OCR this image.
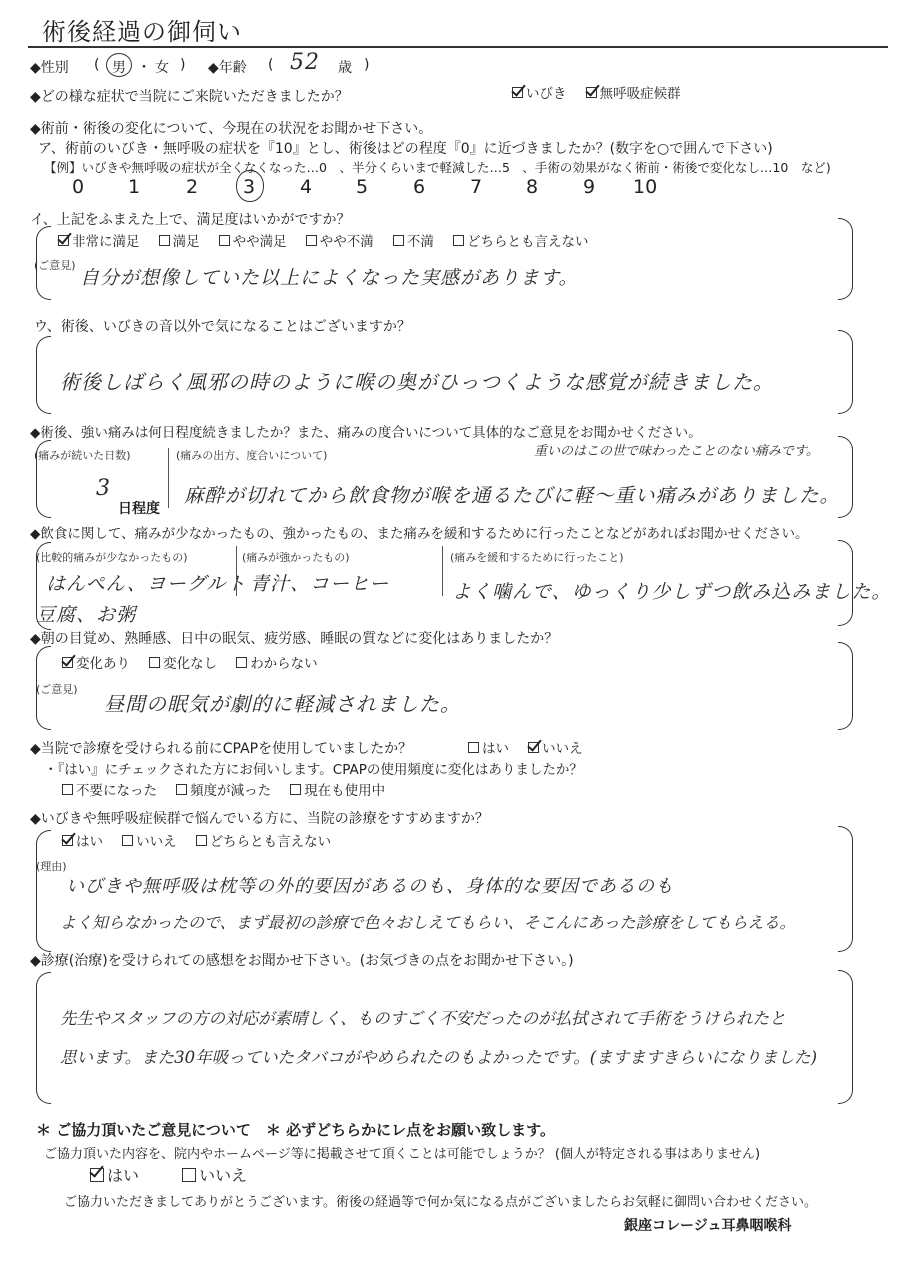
術後経過の御伺い
◆性別 ( 男 ・ 女 ) ◆年齢 ( 52 歳 )
◆どの様な症状で当院にご来院いただきましたか？	いびき
無呼吸症候群
◆術前・術後の変化について、今現在の状況をお聞かせ下さい。
ア、術前のいびき・無呼吸の症状を『10』とし、術後はどの程度『0』に近づきましたか？(数字を○で囲んで下さい)
【例】いびきや無呼吸の症状が全くなくなった…0　、半分くらいまで軽減した…5　、手術の効果がなく術前・術後で変化なし…10　など)
0 1 2 3 4 5 6 7 8 9 10
イ、上記をふまえた上で、満足度はいかがですか？
非常に満足
満足
やや満足
やや不満
不満
どちらとも言えない
(ご意見)
自分が想像していた以上によくなった実感があります。
ウ、術後、いびきの音以外で気になることはございますか？
術後しばらく風邪の時のように喉の奥がひっつくような感覚が続きました。
◆術後、強い痛みは何日程度続きましたか？また、痛みの度合いについて具体的なご意見をお聞かせください。
(痛みが続いた日数)
3
日程度
(痛みの出方、度合いについて)	重いのはこの世で味わったことのない痛みです。
麻酔が切れてから飲食物が喉を通るたびに軽〜重い痛みがありました。
◆飲食に関して、痛みが少なかったもの、強かったもの、また痛みを緩和するために行ったことなどがあればお聞かせください。
(比較的痛みが少なかったもの)
はんぺん、ヨーグルト
豆腐、お粥
(痛みが強かったもの)
青汁、コーヒー
(痛みを緩和するために行ったこと)
よく噛んで、ゆっくり少しずつ飲み込みました。
◆朝の目覚め、熟睡感、日中の眠気、疲労感、睡眠の質などに変化はありましたか？
変化あり
変化なし
わからない
(ご意見)
昼間の眠気が劇的に軽減されました。
◆当院で診療を受けられる前にCPAPを使用していましたか？	はい
いいえ
・『はい』にチェックされた方にお伺いします。CPAPの使用頻度に変化はありましたか？
不要になった
頻度が減った
現在も使用中
◆いびきや無呼吸症候群で悩んでいる方に、当院の診療をすすめますか？
はい
いいえ
どちらとも言えない
(理由)
いびきや無呼吸は枕等の外的要因があるのも、身体的な要因であるのも
よく知らなかったので、まず最初の診療で色々おしえてもらい、そこんにあった診療をしてもらえる。
◆診療(治療)を受けられての感想をお聞かせ下さい。(お気づきの点をお聞かせ下さい。)
先生やスタッフの方の対応が素晴しく、ものすごく不安だったのが払拭されて手術をうけられたと
思います。また30年吸っていたタバコがやめられたのもよかったです。(ますますきらいになりました)
＊ ご協力頂いたご意見について　＊ 必ずどちらかにレ点をお願い致します。
ご協力頂いた内容を、院内やホームページ等に掲載させて頂くことは可能でしょうか？ (個人が特定される事はありません)
はい
	いいえ
ご協力いただきましてありがとうございます。術後の経過等で何か気になる点がございましたらお気軽に御問い合わせください。
銀座コレージュ耳鼻咽喉科
